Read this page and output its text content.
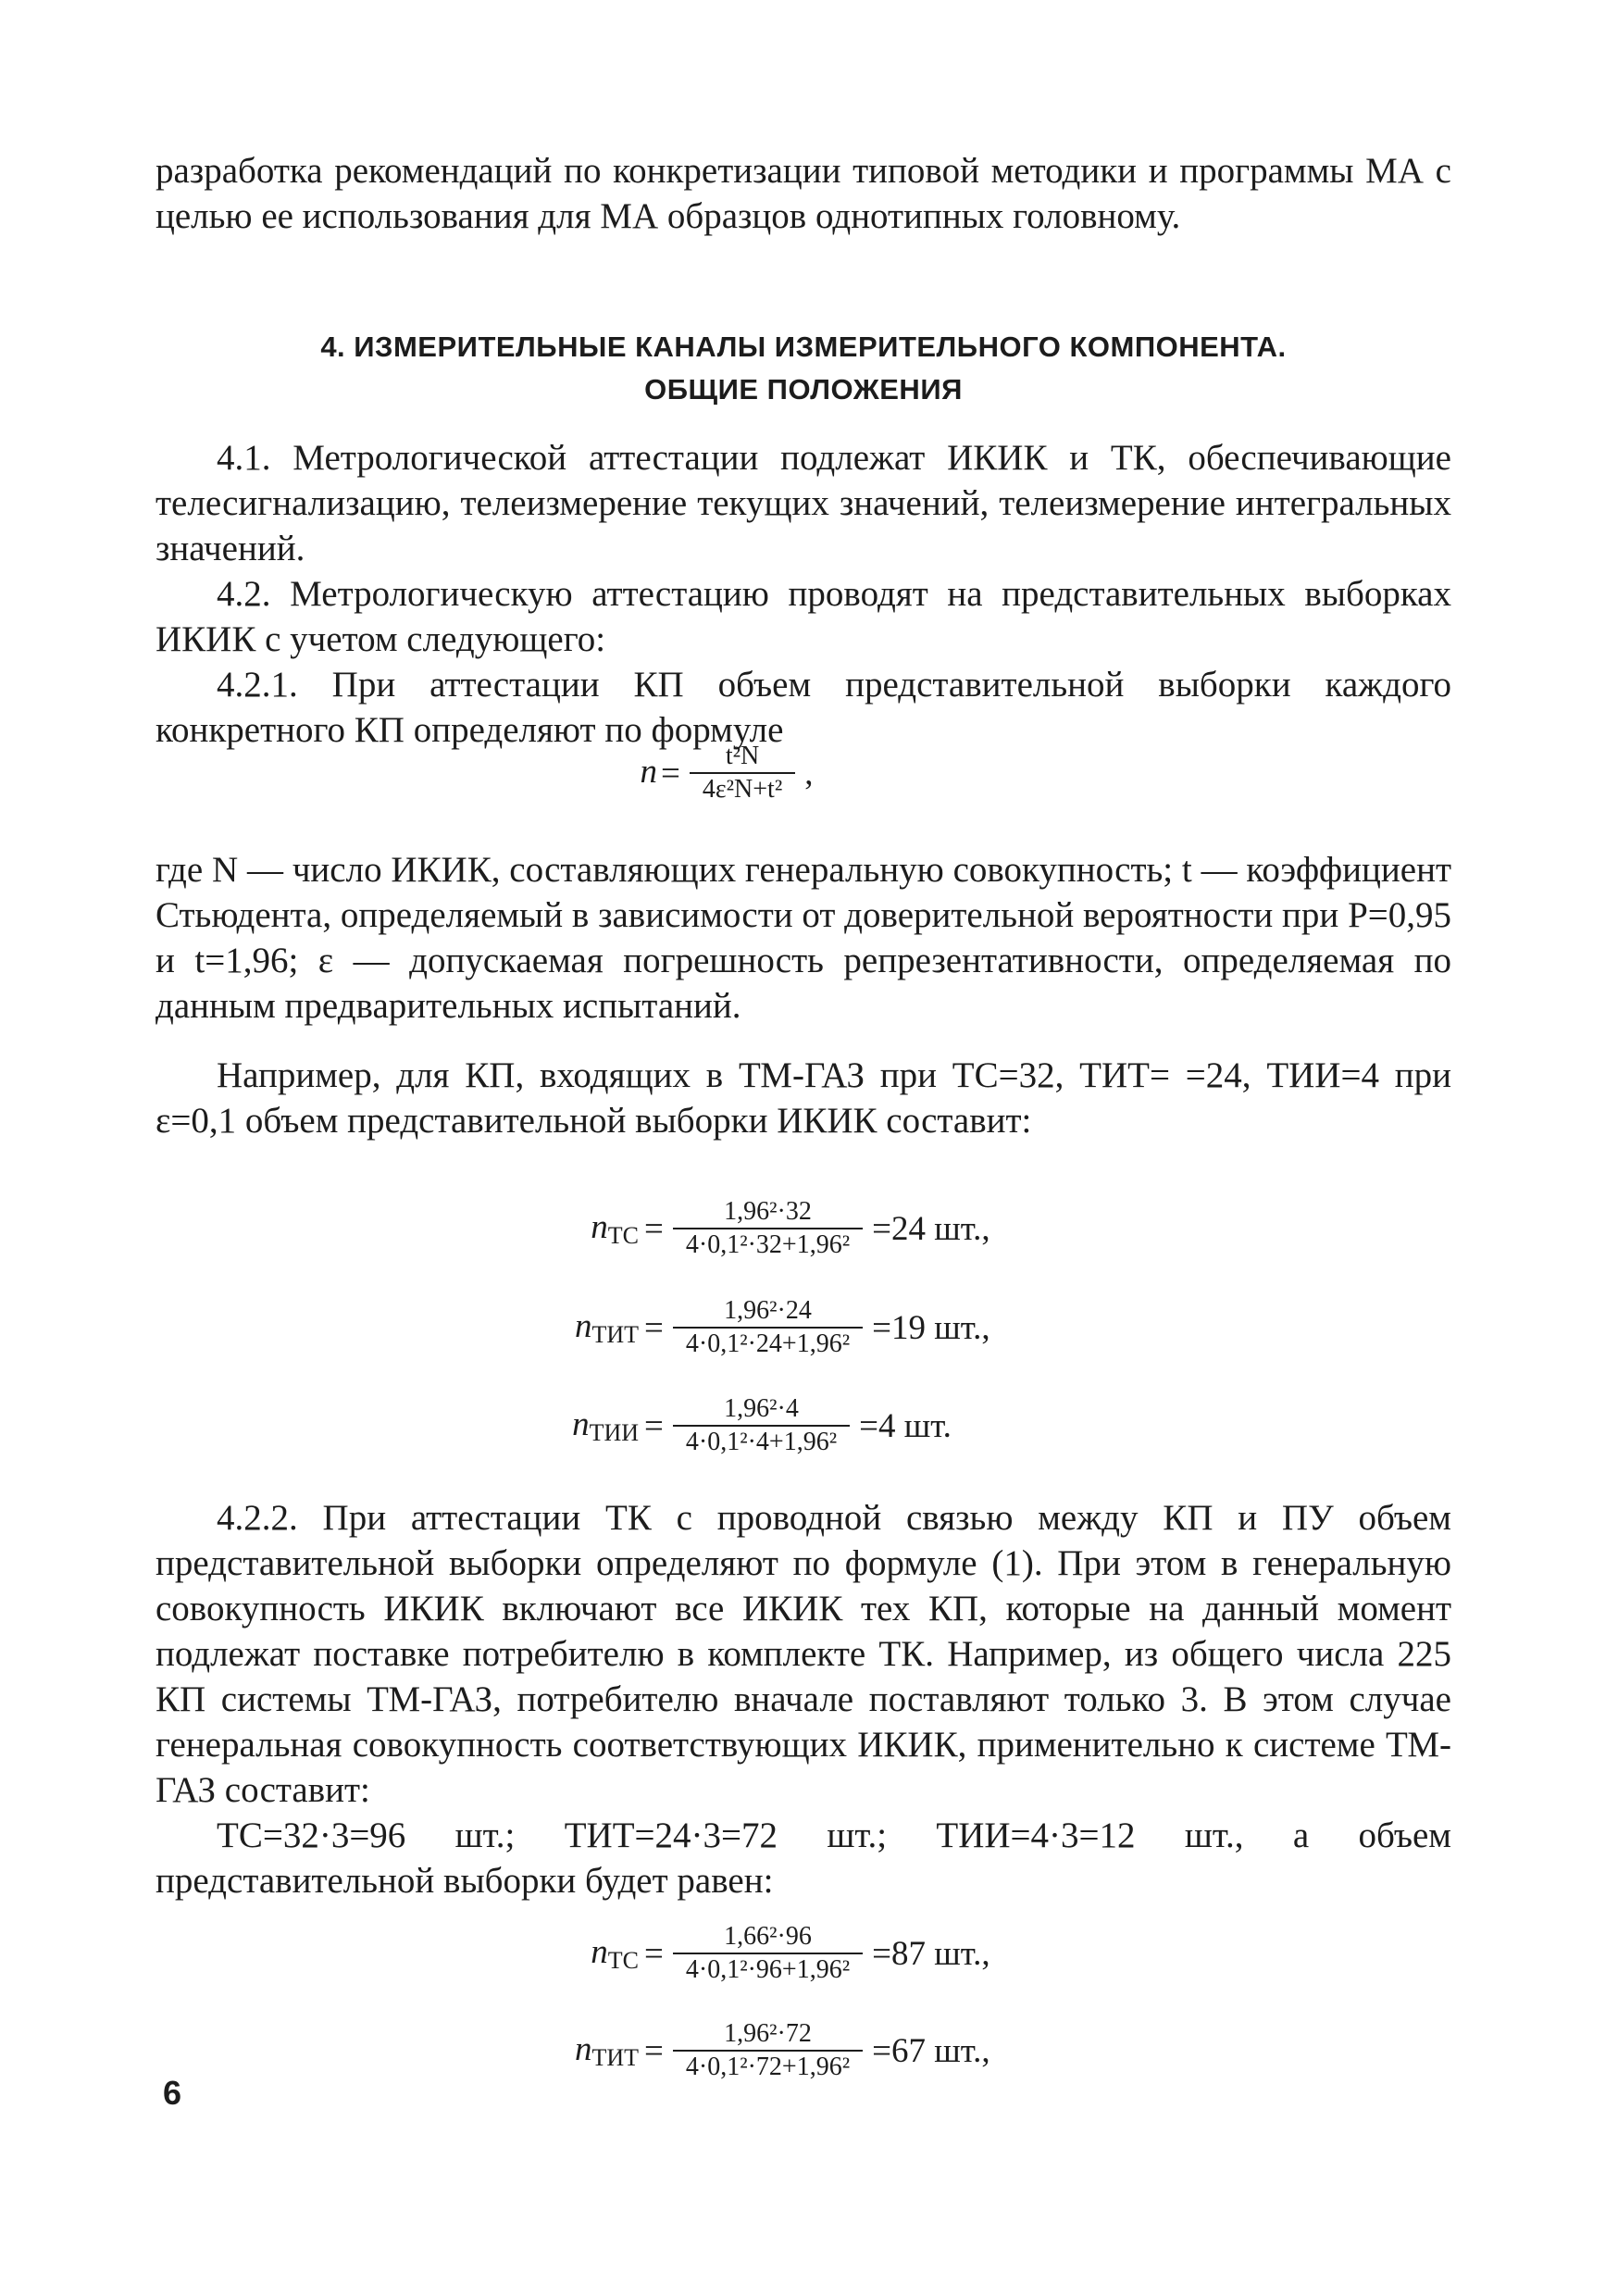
разработка рекомендаций по конкретизации типовой методики и программы МА с целью ее использования для МА образцов однотипных головному.

4. ИЗМЕРИТЕЛЬНЫЕ КАНАЛЫ ИЗМЕРИТЕЛЬНОГО КОМПОНЕНТА.
ОБЩИЕ ПОЛОЖЕНИЯ

4.1. Метрологической аттестации подлежат ИКИК и ТК, обеспечивающие телесигнализацию, телеизмерение текущих значений, телеизмерение интегральных значений.

4.2. Метрологическую аттестацию проводят на представительных выборках ИКИК с учетом следующего:

4.2.1. При аттестации КП объем представительной выборки каждого конкретного КП определяют по формуле

$n = \frac{\text{t²N}}{\text{4ε²N+t²}}$ ,

где N — число ИКИК, составляющих генеральную совокупность; t — коэффициент Стьюдента, определяемый в зависимости от доверительной вероятности при P=0,95 и t=1,96; ε — допускаемая погрешность репрезентативности, определяемая по данным предварительных испытаний.

Например, для КП, входящих в ТМ-ГАЗ при ТС=32, ТИТ= =24, ТИИ=4 при ε=0,1 объем представительной выборки ИКИК составит:

$n_{ТС} = \frac{\text{1,96²·32}}{\text{4·0,1²·32+1,96²}} =24$ шт.,
$n_{ТИТ} = \frac{\text{1,96²·24}}{\text{4·0,1²·24+1,96²}} =19$ шт.,
$n_{ТИИ} = \frac{\text{1,96²·4}}{\text{4·0,1²·4+1,96²}} =4$ шт.

4.2.2. При аттестации ТК с проводной связью между КП и ПУ объем представительной выборки определяют по формуле (1). При этом в генеральную совокупность ИКИК включают все ИКИК тех КП, которые на данный момент подлежат поставке потребителю в комплекте ТК. Например, из общего числа 225 КП системы ТМ-ГАЗ, потребителю вначале поставляют только 3. В этом случае генеральная совокупность соответствующих ИКИК, применительно к системе ТМ-ГАЗ составит:

ТС=32·3=96 шт.; ТИТ=24·3=72 шт.; ТИИ=4·3=12 шт., а объем представительной выборки будет равен:

$n_{ТС} = \frac{\text{1,66²·96}}{\text{4·0,1²·96+1,96²}} =87$ шт.,
$n_{ТИТ} = \frac{\text{1,96²·72}}{\text{4·0,1²·72+1,96²}} =67$ шт.,
6
